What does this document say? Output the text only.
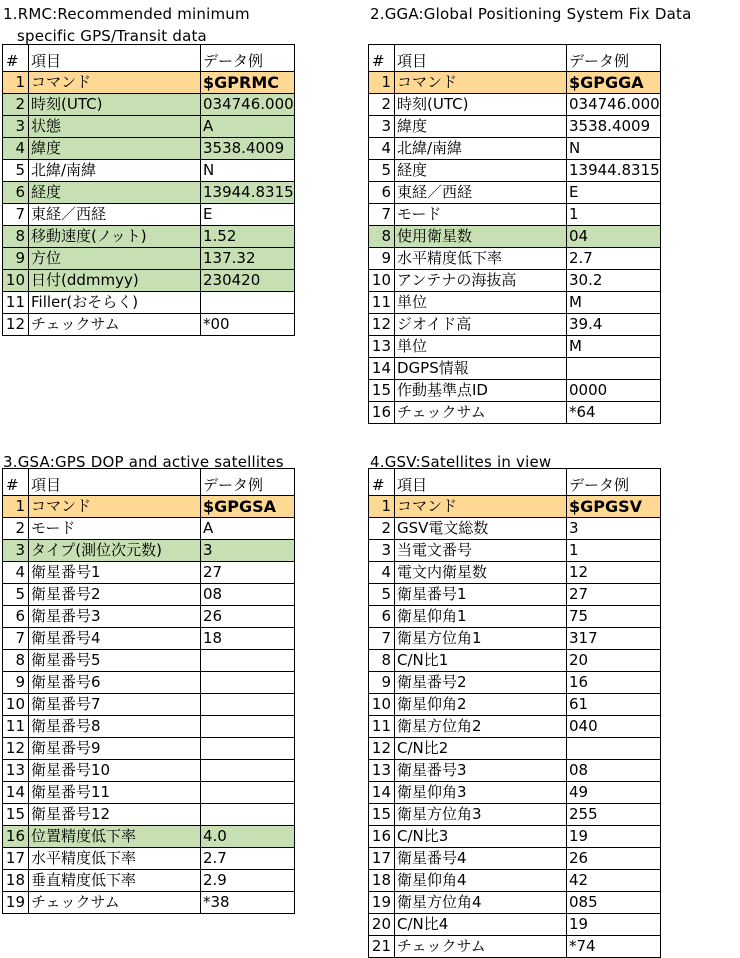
1.RMC:Recommended minimum
specific GPS/Transit data
#	項目	データ例
1	コマンド	$GPRMC
2	時刻(UTC)	034746.000
3	状態	A
4	緯度	3538.4009
5	北緯/南緯	N
6	経度	13944.8315
7	東経／西経	E
8	移動速度(ノット)	1.52
9	方位	137.32
10	日付(ddmmyy)	230420
11	Filler(おそらく)	
12	チェックサム	*00
2.GGA:Global Positioning System Fix Data
#	項目	データ例
1	コマンド	$GPGGA
2	時刻(UTC)	034746.000
3	緯度	3538.4009
4	北緯/南緯	N
5	経度	13944.8315
6	東経／西経	E
7	モード	1
8	使用衛星数	04
9	水平精度低下率	2.7
10	アンテナの海抜高	30.2
11	単位	M
12	ジオイド高	39.4
13	単位	M
14	DGPS情報	
15	作動基準点ID	0000
16	チェックサム	*64
3.GSA:GPS DOP and active satellites
#	項目	データ例
1	コマンド	$GPGSA
2	モード	A
3	タイプ(測位次元数)	3
4	衛星番号1	27
5	衛星番号2	08
6	衛星番号3	26
7	衛星番号4	18
8	衛星番号5	
9	衛星番号6	
10	衛星番号7	
11	衛星番号8	
12	衛星番号9	
13	衛星番号10	
14	衛星番号11	
15	衛星番号12	
16	位置精度低下率	4.0
17	水平精度低下率	2.7
18	垂直精度低下率	2.9
19	チェックサム	*38
4.GSV:Satellites in view
#	項目	データ例
1	コマンド	$GPGSV
2	GSV電文総数	3
3	当電文番号	1
4	電文内衛星数	12
5	衛星番号1	27
6	衛星仰角1	75
7	衛星方位角1	317
8	C/N比1	20
9	衛星番号2	16
10	衛星仰角2	61
11	衛星方位角2	040
12	C/N比2	
13	衛星番号3	08
14	衛星仰角3	49
15	衛星方位角3	255
16	C/N比3	19
17	衛星番号4	26
18	衛星仰角4	42
19	衛星方位角4	085
20	C/N比4	19
21	チェックサム	*74
